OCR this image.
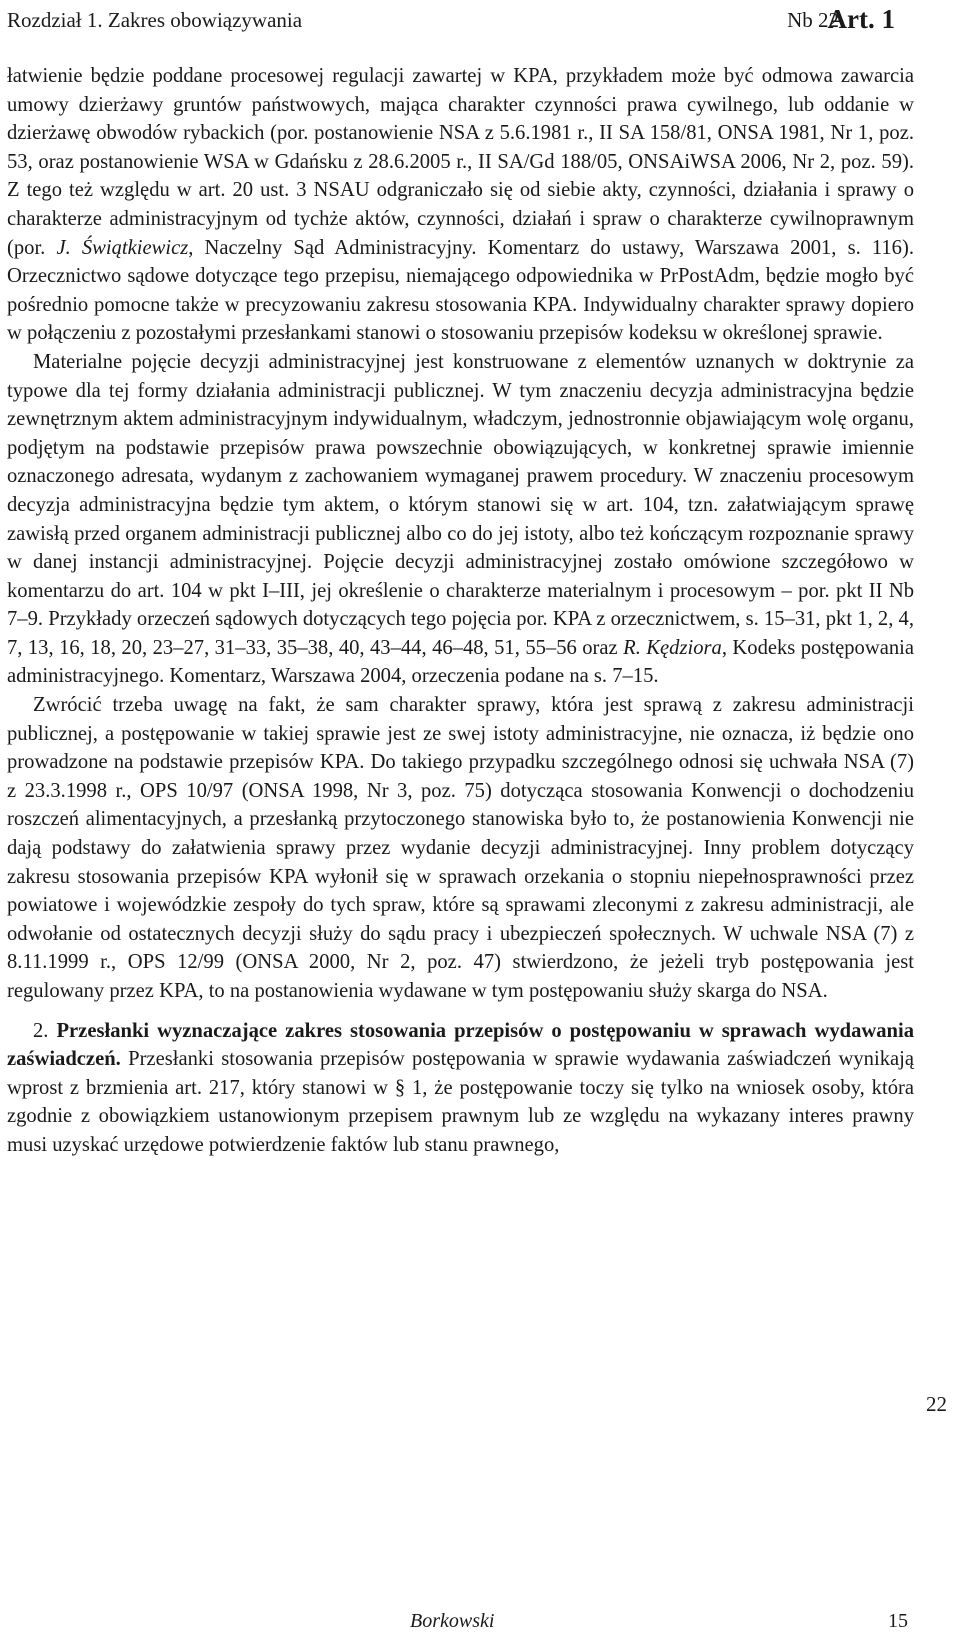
Rozdział 1. Zakres obowiązywania	Nb 22
Art. 1

łatwienie będzie poddane procesowej regulacji zawartej w KPA, przykładem może być odmowa zawarcia umowy dzierżawy gruntów państwowych, mająca charakter czynności prawa cywilnego, lub oddanie w dzierżawę obwodów rybackich (por. postanowienie NSA z 5.6.1981 r., II SA 158/81, ONSA 1981, Nr 1, poz. 53, oraz postanowienie WSA w Gdańsku z 28.6.2005 r., II SA/Gd 188/05, ONSAiWSA 2006, Nr 2, poz. 59). Z tego też względu w art. 20 ust. 3 NSAU odgraniczało się od siebie akty, czynności, działania i sprawy o charakterze administracyjnym od tychże aktów, czynności, działań i spraw o charakterze cywilnoprawnym (por. J. Świątkiewicz, Naczelny Sąd Administracyjny. Komentarz do ustawy, Warszawa 2001, s. 116). Orzecznictwo sądowe dotyczące tego przepisu, niemającego odpowiednika w PrPostAdm, będzie mogło być pośrednio pomocne także w precyzowaniu zakresu stosowania KPA. Indywidualny charakter sprawy dopiero w połączeniu z pozostałymi przesłankami stanowi o stosowaniu przepisów kodeksu w określonej sprawie.

Materialne pojęcie decyzji administracyjnej jest konstruowane z elementów uznanych w doktrynie za typowe dla tej formy działania administracji publicznej. W tym znaczeniu decyzja administracyjna będzie zewnętrznym aktem administracyjnym indywidualnym, władczym, jednostronnie objawiającym wolę organu, podjętym na podstawie przepisów prawa powszechnie obowiązujących, w konkretnej sprawie imiennie oznaczonego adresata, wydanym z zachowaniem wymaganej prawem procedury. W znaczeniu procesowym decyzja administracyjna będzie tym aktem, o którym stanowi się w art. 104, tzn. załatwiającym sprawę zawisłą przed organem administracji publicznej albo co do jej istoty, albo też kończącym rozpoznanie sprawy w danej instancji administracyjnej. Pojęcie decyzji administracyjnej zostało omówione szczegółowo w komentarzu do art. 104 w pkt I–III, jej określenie o charakterze materialnym i procesowym – por. pkt II Nb 7–9. Przykłady orzeczeń sądowych dotyczących tego pojęcia por. KPA z orzecznictwem, s. 15–31, pkt 1, 2, 4, 7, 13, 16, 18, 20, 23–27, 31–33, 35–38, 40, 43–44, 46–48, 51, 55–56 oraz R. Kędziora, Kodeks postępowania administracyjnego. Komentarz, Warszawa 2004, orzeczenia podane na s. 7–15.

Zwrócić trzeba uwagę na fakt, że sam charakter sprawy, która jest sprawą z zakresu administracji publicznej, a postępowanie w takiej sprawie jest ze swej istoty administracyjne, nie oznacza, iż będzie ono prowadzone na podstawie przepisów KPA. Do takiego przypadku szczególnego odnosi się uchwała NSA (7) z 23.3.1998 r., OPS 10/97 (ONSA 1998, Nr 3, poz. 75) dotycząca stosowania Konwencji o dochodzeniu roszczeń alimentacyjnych, a przesłanką przytoczonego stanowiska było to, że postanowienia Konwencji nie dają podstawy do załatwienia sprawy przez wydanie decyzji administracyjnej. Inny problem dotyczący zakresu stosowania przepisów KPA wyłonił się w sprawach orzekania o stopniu niepełnosprawności przez powiatowe i wojewódzkie zespoły do tych spraw, które są sprawami zleconymi z zakresu administracji, ale odwołanie od ostatecznych decyzji służy do sądu pracy i ubezpieczeń społecznych. W uchwale NSA (7) z 8.11.1999 r., OPS 12/99 (ONSA 2000, Nr 2, poz. 47) stwierdzono, że jeżeli tryb postępowania jest regulowany przez KPA, to na postanowienia wydawane w tym postępowaniu służy skarga do NSA.

2. Przesłanki wyznaczające zakres stosowania przepisów o postępowaniu w sprawach wydawania zaświadczeń. Przesłanki stosowania przepisów postępowania w sprawie wydawania zaświadczeń wynikają wprost z brzmienia art. 217, który stanowi w § 1, że postępowanie toczy się tylko na wniosek osoby, która zgodnie z obowiązkiem ustanowionym przepisem prawnym lub ze względu na wykazany interes prawny musi uzyskać urzędowe potwierdzenie faktów lub stanu prawnego,

22
Borkowski	15
